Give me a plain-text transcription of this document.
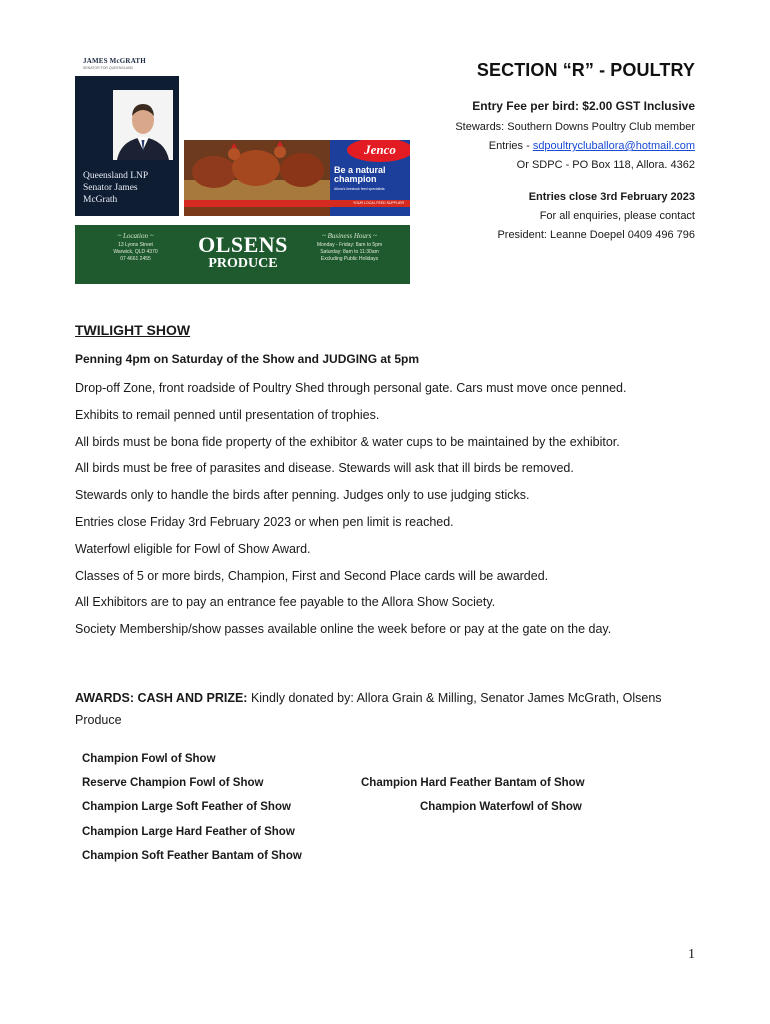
JAMES McGRATH
SENATOR FOR QUEENSLAND
Queensland LNP
Senator James
McGrath
Jenco
Be a natural champion
Allora's livestock feed specialists
YOUR LOCAL FEED SUPPLIER
~ Location ~
13 Lyons Street
Warwick, QLD 4370
07 4661 2455
OLSENS
PRODUCE
~ Business Hours ~
Monday - Friday: 8am to 5pm
Saturday: 8am to 11:30am
Excluding Public Holidays
SECTION “R” - POULTRY
Entry Fee per bird: $2.00 GST Inclusive
Stewards: Southern Downs Poultry Club member
Entries - sdpoultrycluballora@hotmail.com
Or SDPC - PO Box 118, Allora. 4362
Entries close 3rd February 2023
For all enquiries, please contact
President: Leanne Doepel 0409 496 796
TWILIGHT SHOW
Penning 4pm on Saturday of the Show and JUDGING at 5pm
Drop-off Zone, front roadside of Poultry Shed through personal gate. Cars must move once penned.
Exhibits to remail penned until presentation of trophies.
All birds must be bona fide property of the exhibitor & water cups to be maintained by the exhibitor.
All birds must be free of parasites and disease. Stewards will ask that ill birds be removed.
Stewards only to handle the birds after penning. Judges only to use judging sticks.
Entries close Friday 3rd February 2023 or when pen limit is reached.
Waterfowl eligible for Fowl of Show Award.
Classes of 5 or more birds, Champion, First and Second Place cards will be awarded.
All Exhibitors are to pay an entrance fee payable to the Allora Show Society.
Society Membership/show passes available online the week before or pay at the gate on the day.
AWARDS: CASH AND PRIZE: Kindly donated by: Allora Grain & Milling, Senator James McGrath, Olsens Produce
Champion Fowl of Show
Reserve Champion Fowl of Show
Champion Large Soft Feather of Show
Champion Large Hard Feather of Show
Champion Soft Feather Bantam of Show
Champion Hard Feather Bantam of Show
Champion Waterfowl of Show
1
